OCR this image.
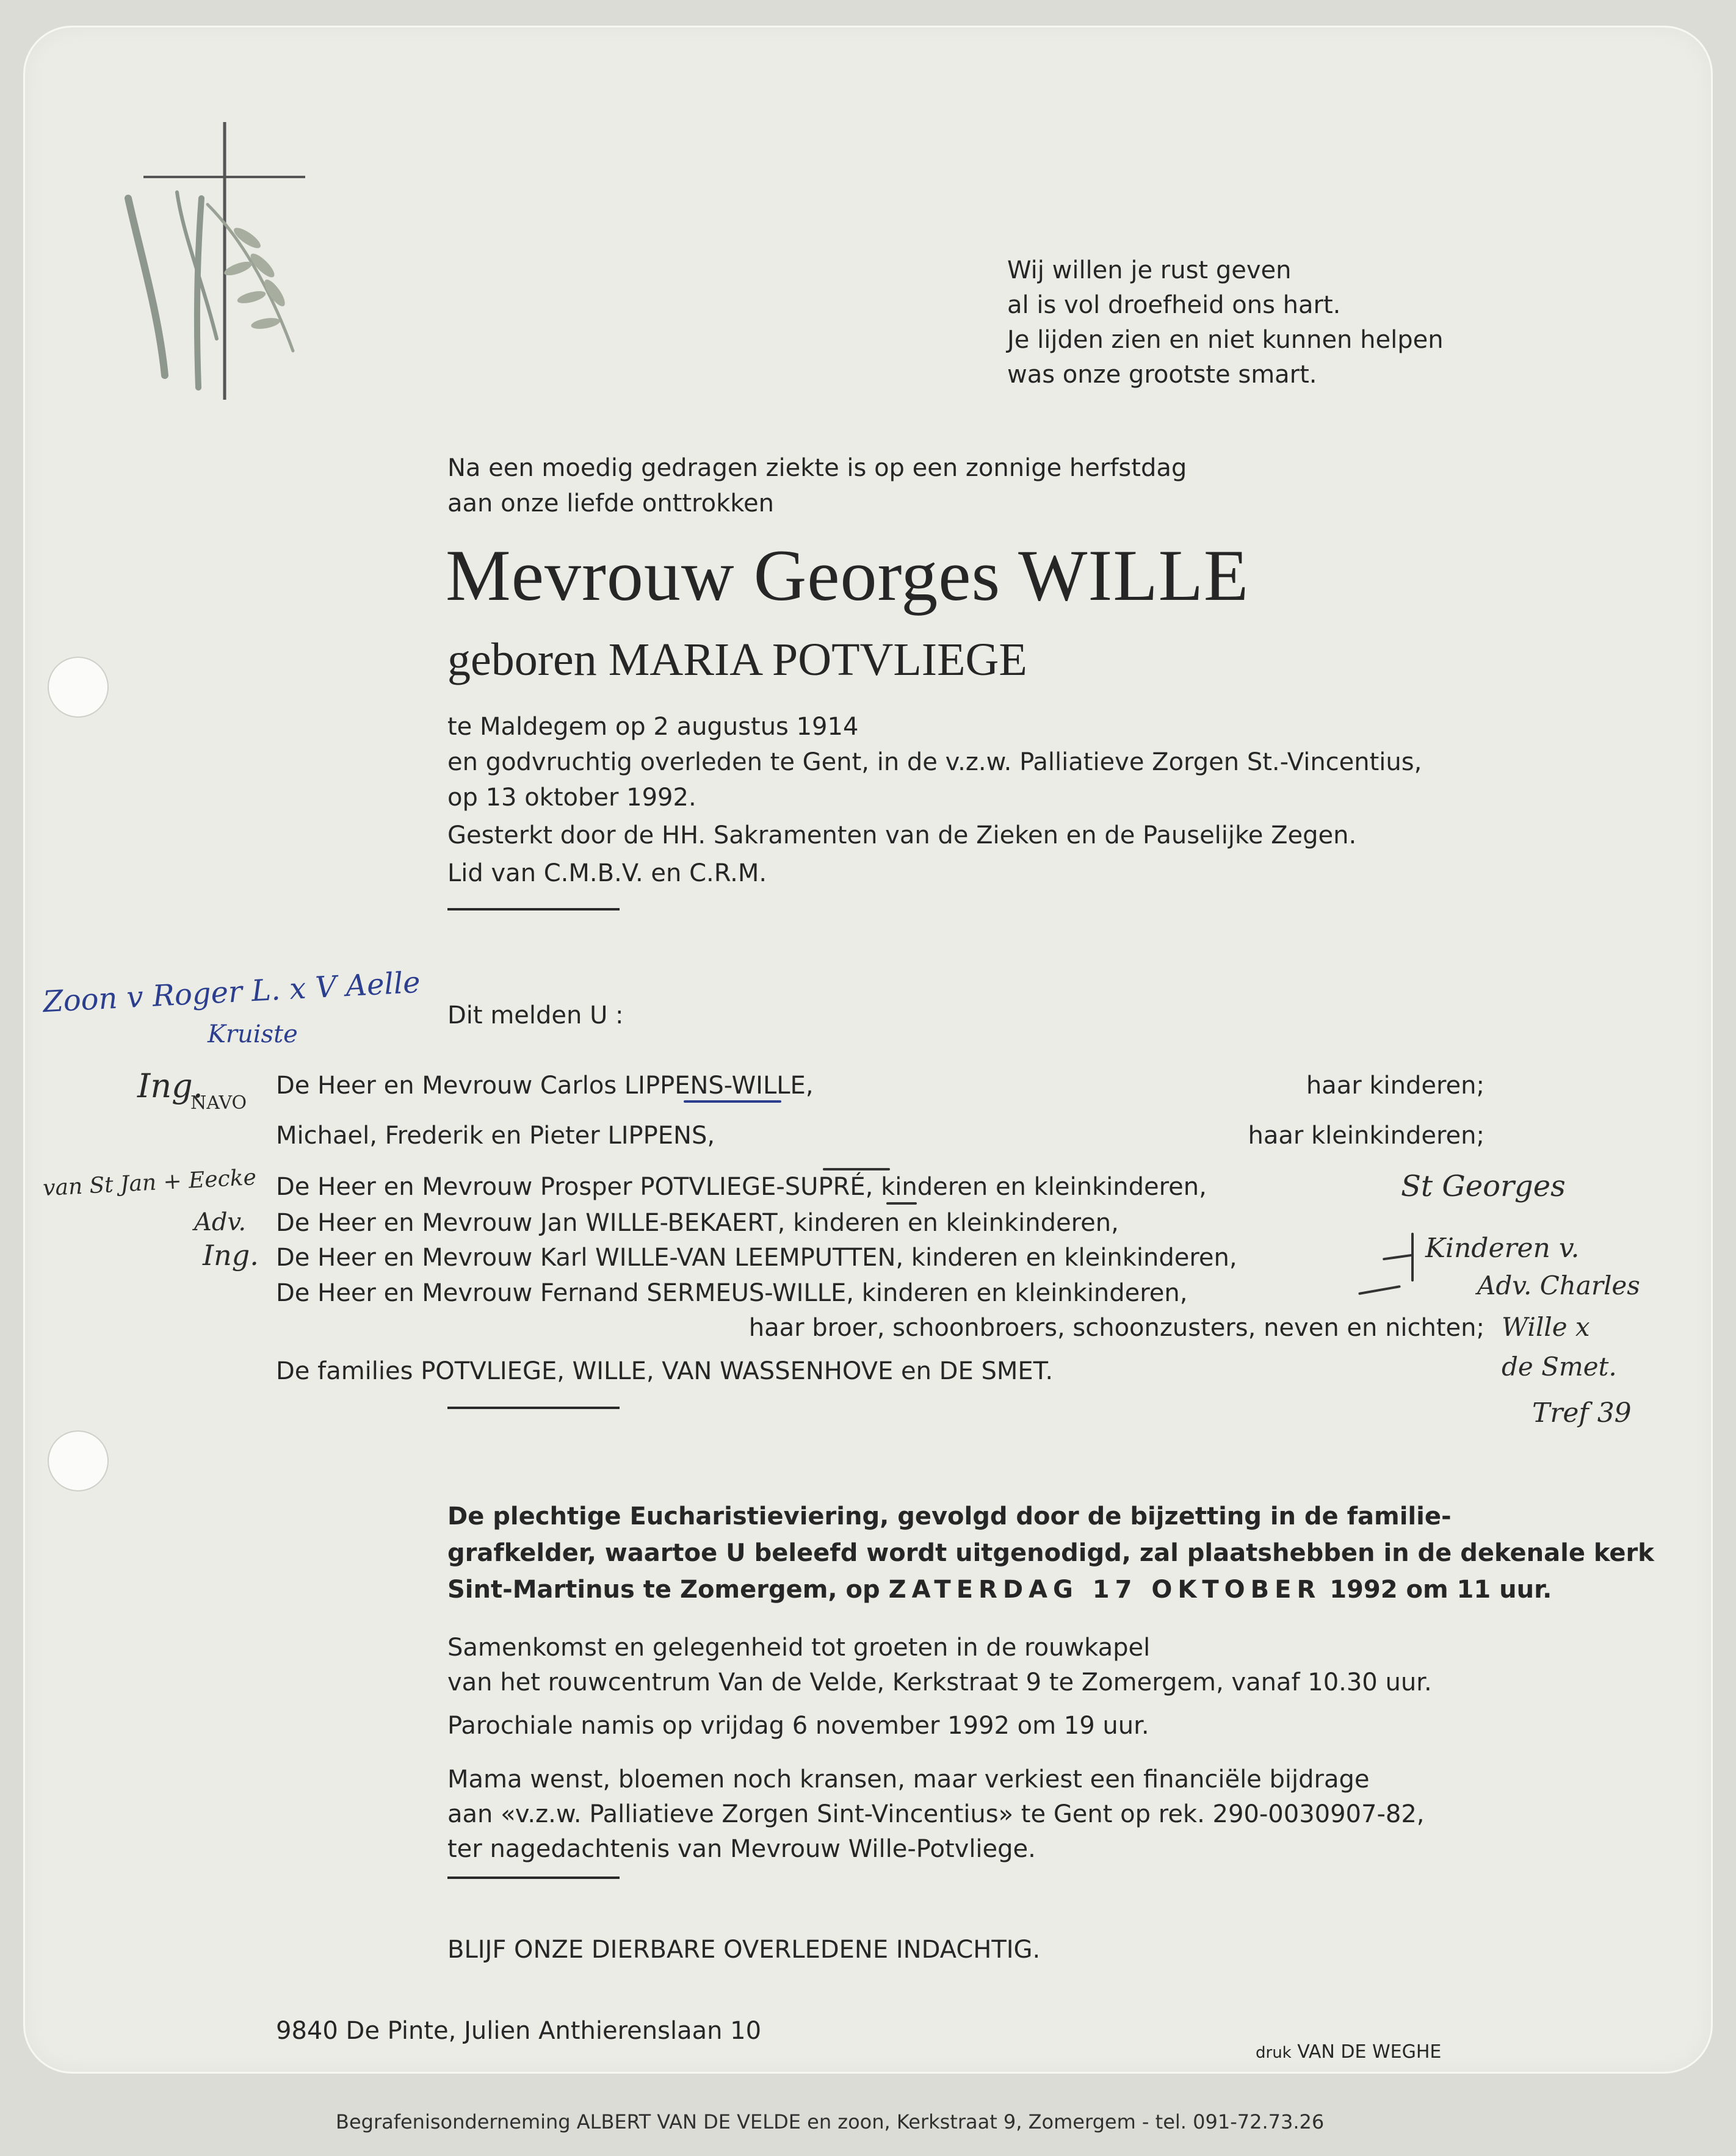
Wij willen je rust geven
al is vol droefheid ons hart.
Je lijden zien en niet kunnen helpen
was onze grootste smart.
Na een moedig gedragen ziekte is op een zonnige herfstdag
aan onze liefde onttrokken
Mevrouw Georges WILLE
geboren MARIA POTVLIEGE
te Maldegem op 2 augustus 1914
en godvruchtig overleden te Gent, in de v.z.w. Palliatieve Zorgen St.-Vincentius,
op 13 oktober 1992.
Gesterkt door de HH. Sakramenten van de Zieken en de Pauselijke Zegen.
Lid van C.M.B.V. en C.R.M.
Dit melden U :
De Heer en Mevrouw Carlos LIPPENS-WILLE,	haar kinderen;
Michael, Frederik en Pieter LIPPENS,	haar kleinkinderen;
De Heer en Mevrouw Prosper POTVLIEGE-SUPRÉ, kinderen en kleinkinderen,
De Heer en Mevrouw Jan WILLE-BEKAERT, kinderen en kleinkinderen,
De Heer en Mevrouw Karl WILLE-VAN LEEMPUTTEN, kinderen en kleinkinderen,
De Heer en Mevrouw Fernand SERMEUS-WILLE, kinderen en kleinkinderen,
haar broer, schoonbroers, schoonzusters, neven en nichten;
De families POTVLIEGE, WILLE, VAN WASSENHOVE en DE SMET.
De plechtige Eucharistieviering, gevolgd door de bijzetting in de familie-
grafkelder, waartoe U beleefd wordt uitgenodigd, zal plaatshebben in de dekenale kerk
Sint-Martinus te Zomergem, op ZATERDAG 17 OKTOBER 1992 om 11 uur.
Samenkomst en gelegenheid tot groeten in de rouwkapel
van het rouwcentrum Van de Velde, Kerkstraat 9 te Zomergem, vanaf 10.30 uur.
Parochiale namis op vrijdag 6 november 1992 om 19 uur.
Mama wenst, bloemen noch kransen, maar verkiest een financiële bijdrage
aan «v.z.w. Palliatieve Zorgen Sint-Vincentius» te Gent op rek. 290-0030907-82,
ter nagedachtenis van Mevrouw Wille-Potvliege.
BLIJF ONZE DIERBARE OVERLEDENE INDACHTIG.
9840 De Pinte, Julien Anthierenslaan 10
druk VAN DE WEGHE
Begrafenisonderneming ALBERT VAN DE VELDE en zoon, Kerkstraat 9, Zomergem - tel. 091-72.73.26
Zoon v Roger L. x V Aelle
Kruiste
Ing.
NAVO
van St Jan + Eecke
Adv.
Ing.
St Georges
Kinderen v.
Adv. Charles
Wille x
de Smet.
Tref 39
